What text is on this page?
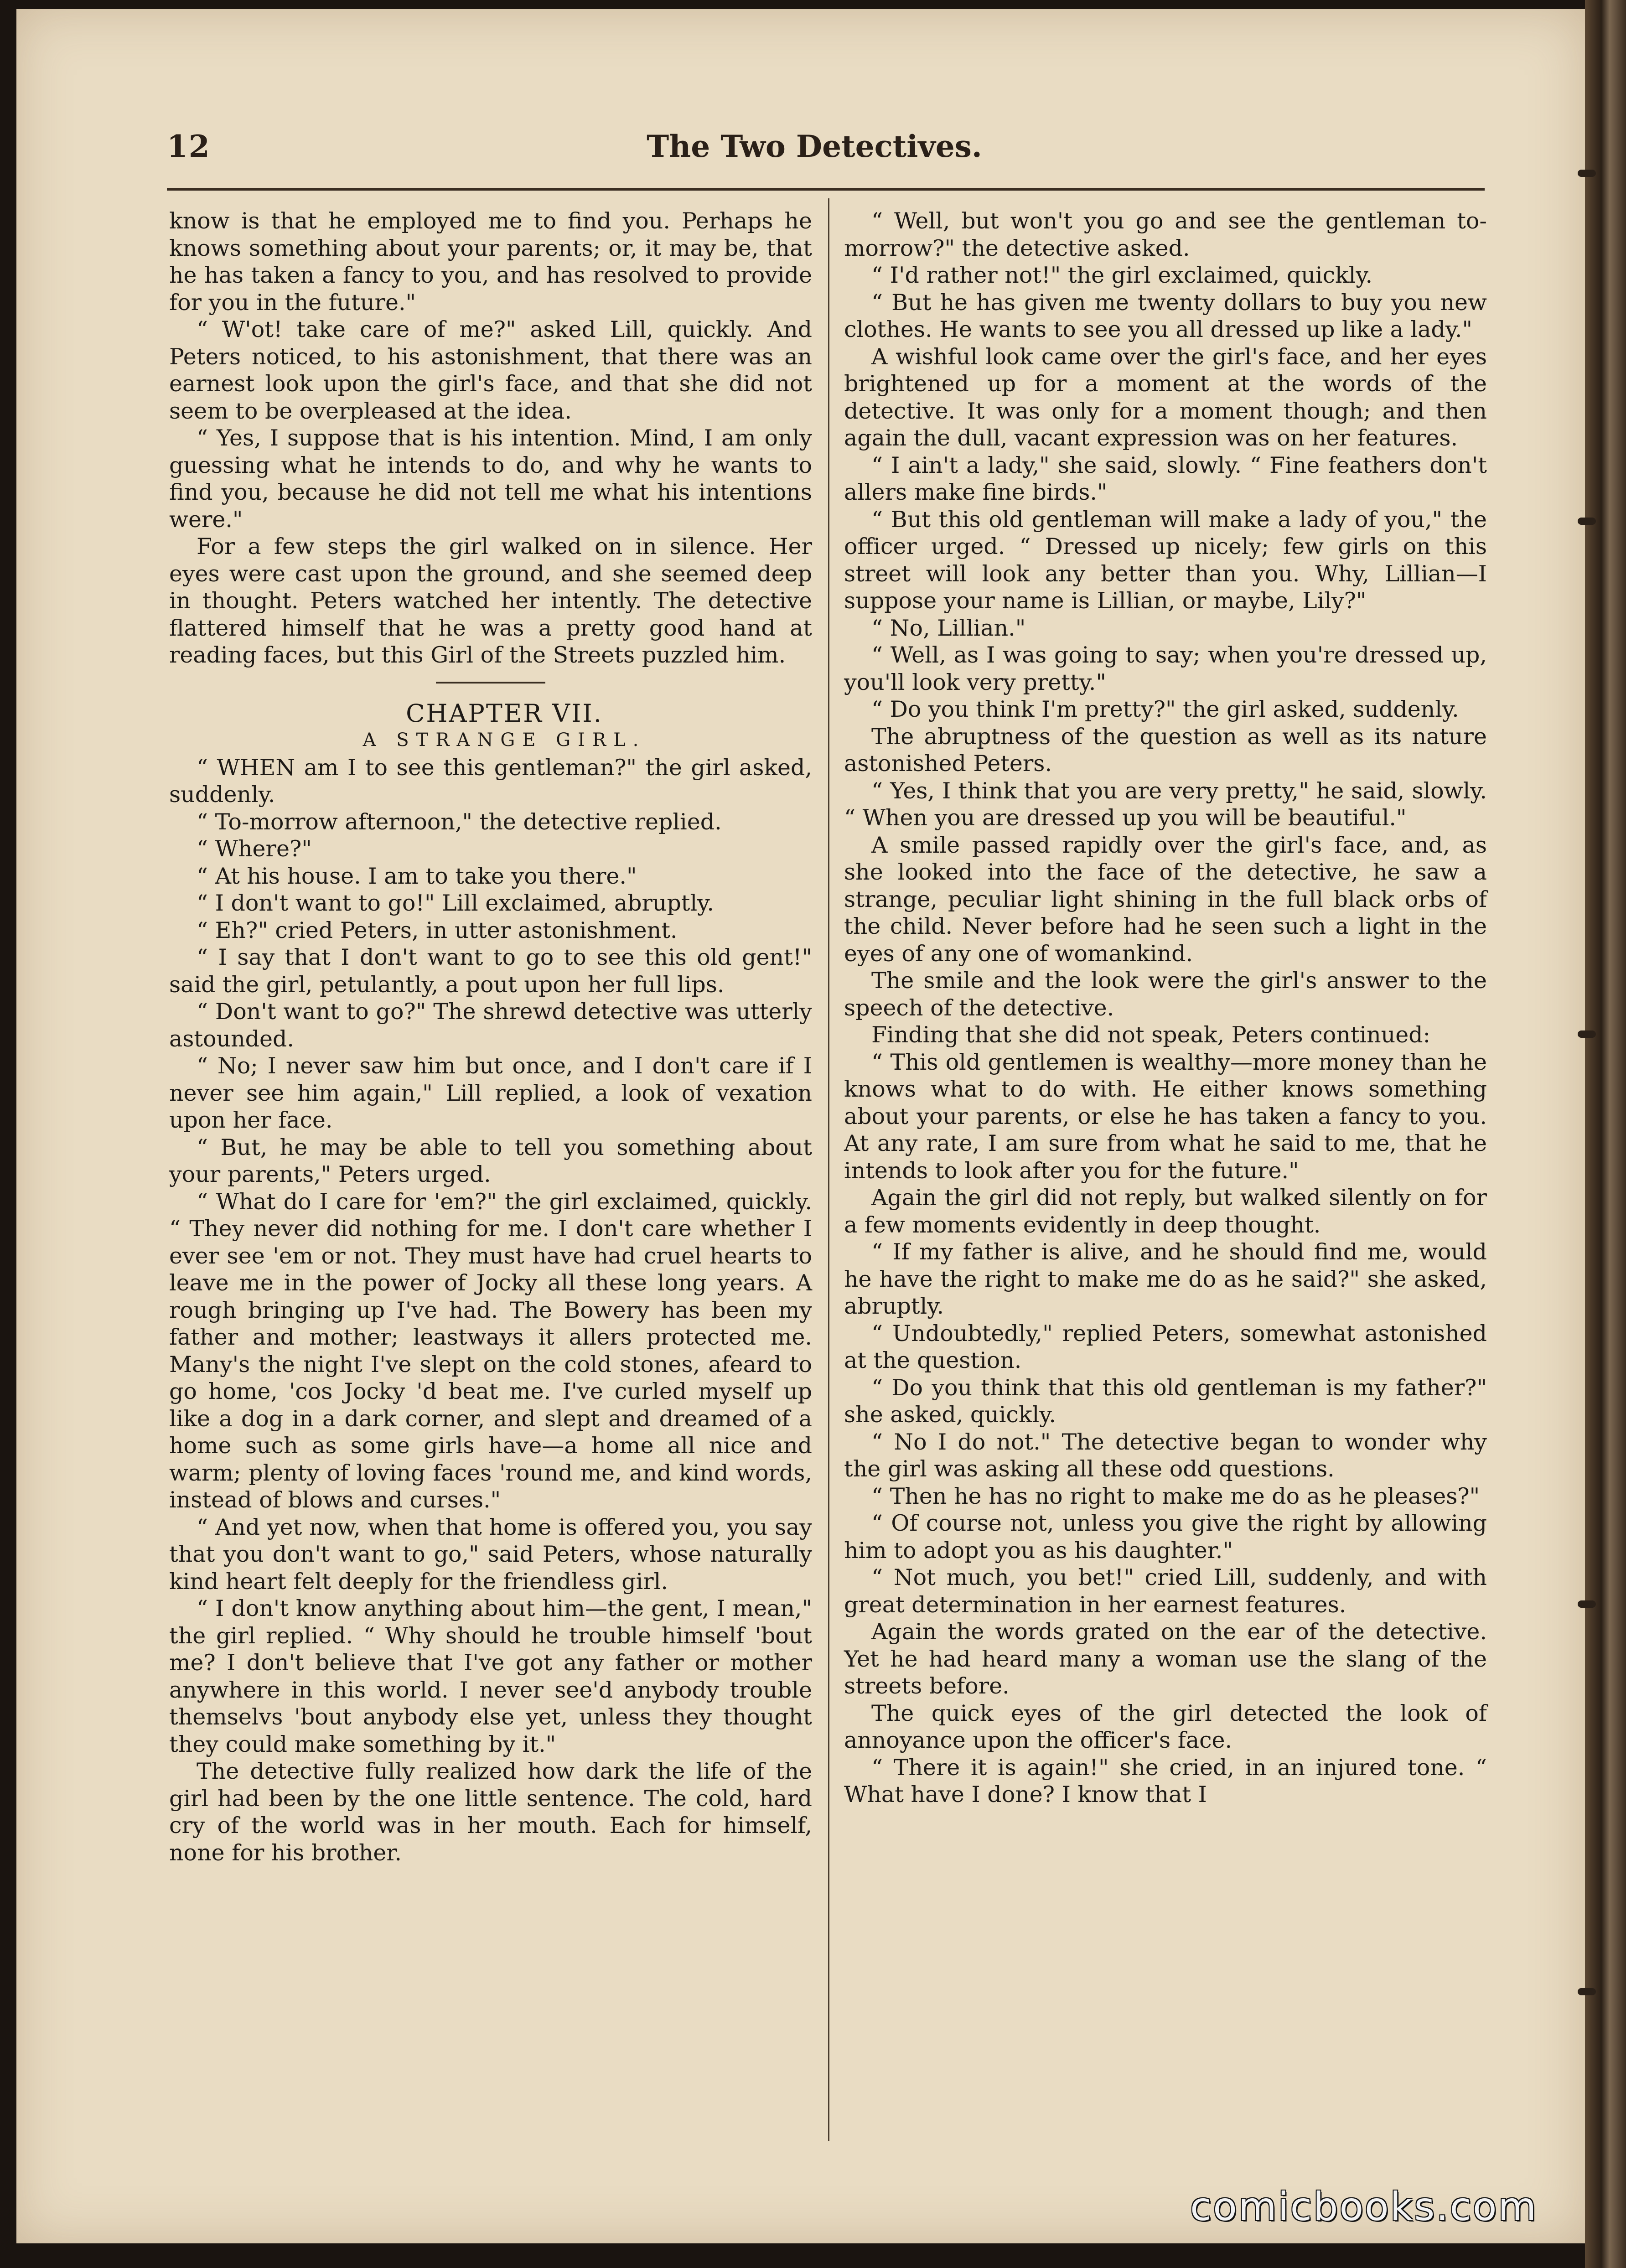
12	The Two Detectives.

know is that he employed me to find you. Perhaps he knows something about your parents; or, it may be, that he has taken a fancy to you, and has resolved to provide for you in the future."

“ W'ot! take care of me?" asked Lill, quickly. And Peters noticed, to his astonishment, that there was an earnest look upon the girl's face, and that she did not seem to be overpleased at the idea.

“ Yes, I suppose that is his intention. Mind, I am only guessing what he intends to do, and why he wants to find you, because he did not tell me what his intentions were."

For a few steps the girl walked on in silence. Her eyes were cast upon the ground, and she seemed deep in thought. Peters watched her intently. The detective flattered himself that he was a pretty good hand at reading faces, but this Girl of the Streets puzzled him.

CHAPTER VII.

A STRANGE GIRL.

“ WHEN am I to see this gentleman?" the girl asked, suddenly.

“ To-morrow afternoon," the detective replied.

“ Where?"

“ At his house. I am to take you there."

“ I don't want to go!" Lill exclaimed, abruptly.

“ Eh?" cried Peters, in utter astonishment.

“ I say that I don't want to go to see this old gent!" said the girl, petulantly, a pout upon her full lips.

“ Don't want to go?" The shrewd detective was utterly astounded.

“ No; I never saw him but once, and I don't care if I never see him again," Lill replied, a look of vexation upon her face.

“ But, he may be able to tell you something about your parents," Peters urged.

“ What do I care for 'em?" the girl exclaimed, quickly. “ They never did nothing for me. I don't care whether I ever see 'em or not. They must have had cruel hearts to leave me in the power of Jocky all these long years. A rough bringing up I've had. The Bowery has been my father and mother; leastways it allers protected me. Many's the night I've slept on the cold stones, afeard to go home, 'cos Jocky 'd beat me. I've curled myself up like a dog in a dark corner, and slept and dreamed of a home such as some girls have—a home all nice and warm; plenty of loving faces 'round me, and kind words, instead of blows and curses."

“ And yet now, when that home is offered you, you say that you don't want to go," said Peters, whose naturally kind heart felt deeply for the friendless girl.

“ I don't know anything about him—the gent, I mean," the girl replied. “ Why should he trouble himself 'bout me? I don't believe that I've got any father or mother anywhere in this world. I never see'd anybody trouble themselvs 'bout anybody else yet, unless they thought they could make something by it."

The detective fully realized how dark the life of the girl had been by the one little sentence. The cold, hard cry of the world was in her mouth. Each for himself, none for his brother.

“ Well, but won't you go and see the gentleman to-morrow?" the detective asked.

“ I'd rather not!" the girl exclaimed, quickly.

“ But he has given me twenty dollars to buy you new clothes. He wants to see you all dressed up like a lady."

A wishful look came over the girl's face, and her eyes brightened up for a moment at the words of the detective. It was only for a moment though; and then again the dull, vacant expression was on her features.

“ I ain't a lady," she said, slowly. “ Fine feathers don't allers make fine birds."

“ But this old gentleman will make a lady of you," the officer urged. “ Dressed up nicely; few girls on this street will look any better than you. Why, Lillian—I suppose your name is Lillian, or maybe, Lily?"

“ No, Lillian."

“ Well, as I was going to say; when you're dressed up, you'll look very pretty."

“ Do you think I'm pretty?" the girl asked, suddenly.

The abruptness of the question as well as its nature astonished Peters.

“ Yes, I think that you are very pretty," he said, slowly. “ When you are dressed up you will be beautiful."

A smile passed rapidly over the girl's face, and, as she looked into the face of the detective, he saw a strange, peculiar light shining in the full black orbs of the child. Never before had he seen such a light in the eyes of any one of womankind.

The smile and the look were the girl's answer to the speech of the detective.

Finding that she did not speak, Peters continued:

“ This old gentlemen is wealthy—more money than he knows what to do with. He either knows something about your parents, or else he has taken a fancy to you. At any rate, I am sure from what he said to me, that he intends to look after you for the future."

Again the girl did not reply, but walked silently on for a few moments evidently in deep thought.

“ If my father is alive, and he should find me, would he have the right to make me do as he said?" she asked, abruptly.

“ Undoubtedly," replied Peters, somewhat astonished at the question.

“ Do you think that this old gentleman is my father?" she asked, quickly.

“ No I do not." The detective began to wonder why the girl was asking all these odd questions.

“ Then he has no right to make me do as he pleases?"

“ Of course not, unless you give the right by allowing him to adopt you as his daughter."

“ Not much, you bet!" cried Lill, suddenly, and with great determination in her earnest features.

Again the words grated on the ear of the detective. Yet he had heard many a woman use the slang of the streets before.

The quick eyes of the girl detected the look of annoyance upon the officer's face.

“ There it is again!" she cried, in an injured tone. “ What have I done? I know that I

comicbooks.com
